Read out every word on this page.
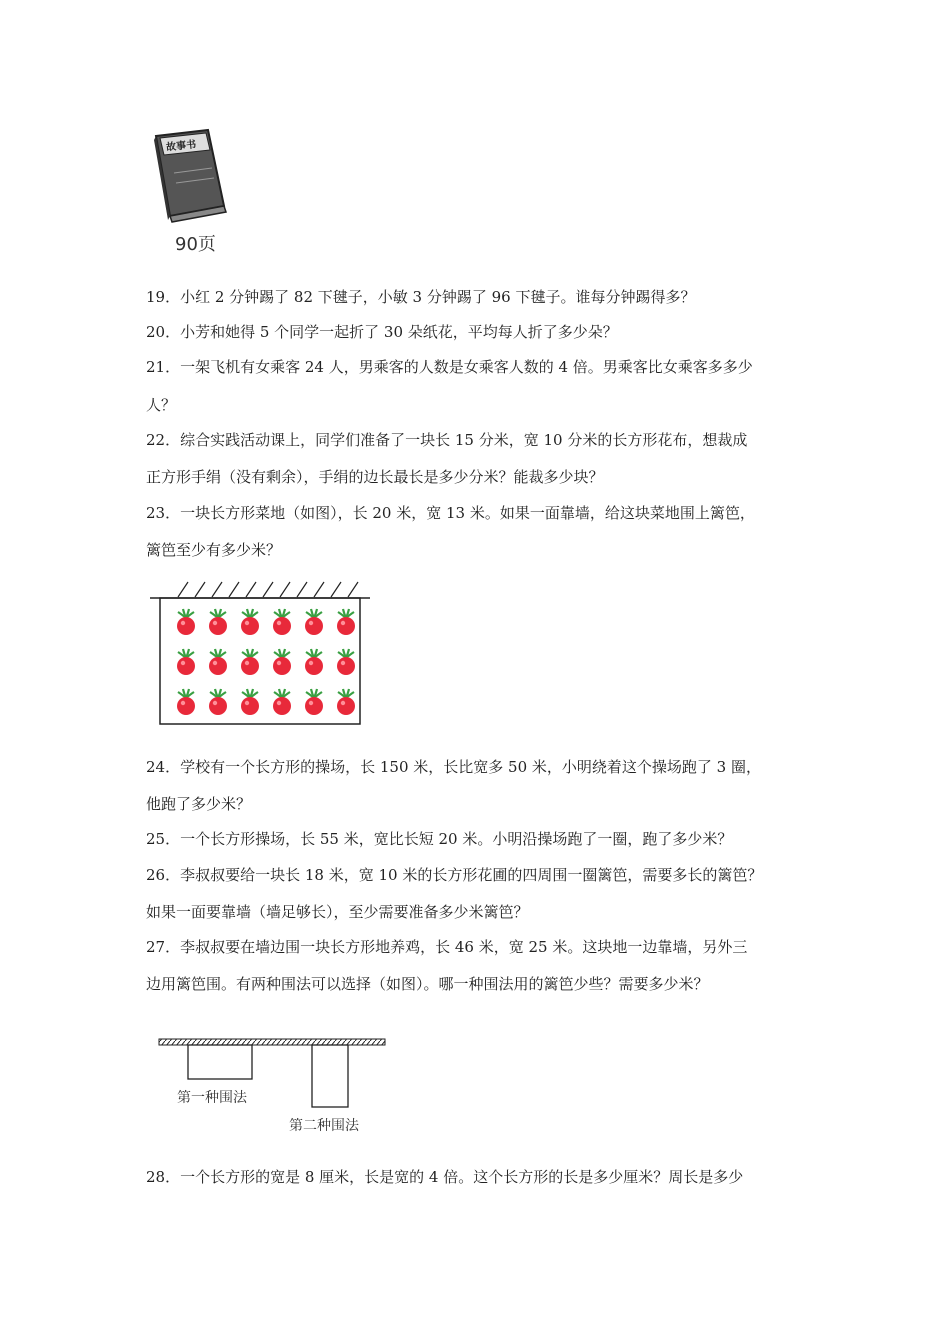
故事书
90页

19．小红 2 分钟踢了 82 下毽子，小敏 3 分钟踢了 96 下毽子。谁每分钟踢得多？

20．小芳和她得 5 个同学一起折了 30 朵纸花，平均每人折了多少朵？

21．一架飞机有女乘客 24 人，男乘客的人数是女乘客人数的 4 倍。男乘客比女乘客多多少

人？

22．综合实践活动课上，同学们准备了一块长 15 分米，宽 10 分米的长方形花布，想裁成

正方形手绢（没有剩余），手绢的边长最长是多少分米？能裁多少块？

23．一块长方形菜地（如图），长 20 米，宽 13 米。如果一面靠墙，给这块菜地围上篱笆，

篱笆至少有多少米？

24．学校有一个长方形的操场，长 150 米，长比宽多 50 米，小明绕着这个操场跑了 3 圈，

他跑了多少米？

25．一个长方形操场，长 55 米，宽比长短 20 米。小明沿操场跑了一圈，跑了多少米？

26．李叔叔要给一块长 18 米，宽 10 米的长方形花圃的四周围一圈篱笆，需要多长的篱笆？

如果一面要靠墙（墙足够长），至少需要准备多少米篱笆？

27．李叔叔要在墙边围一块长方形地养鸡，长 46 米，宽 25 米。这块地一边靠墙，另外三

边用篱笆围。有两种围法可以选择（如图）。哪一种围法用的篱笆少些？需要多少米？

第一种围法
第二种围法

28．一个长方形的宽是 8 厘米，长是宽的 4 倍。这个长方形的长是多少厘米？周长是多少
